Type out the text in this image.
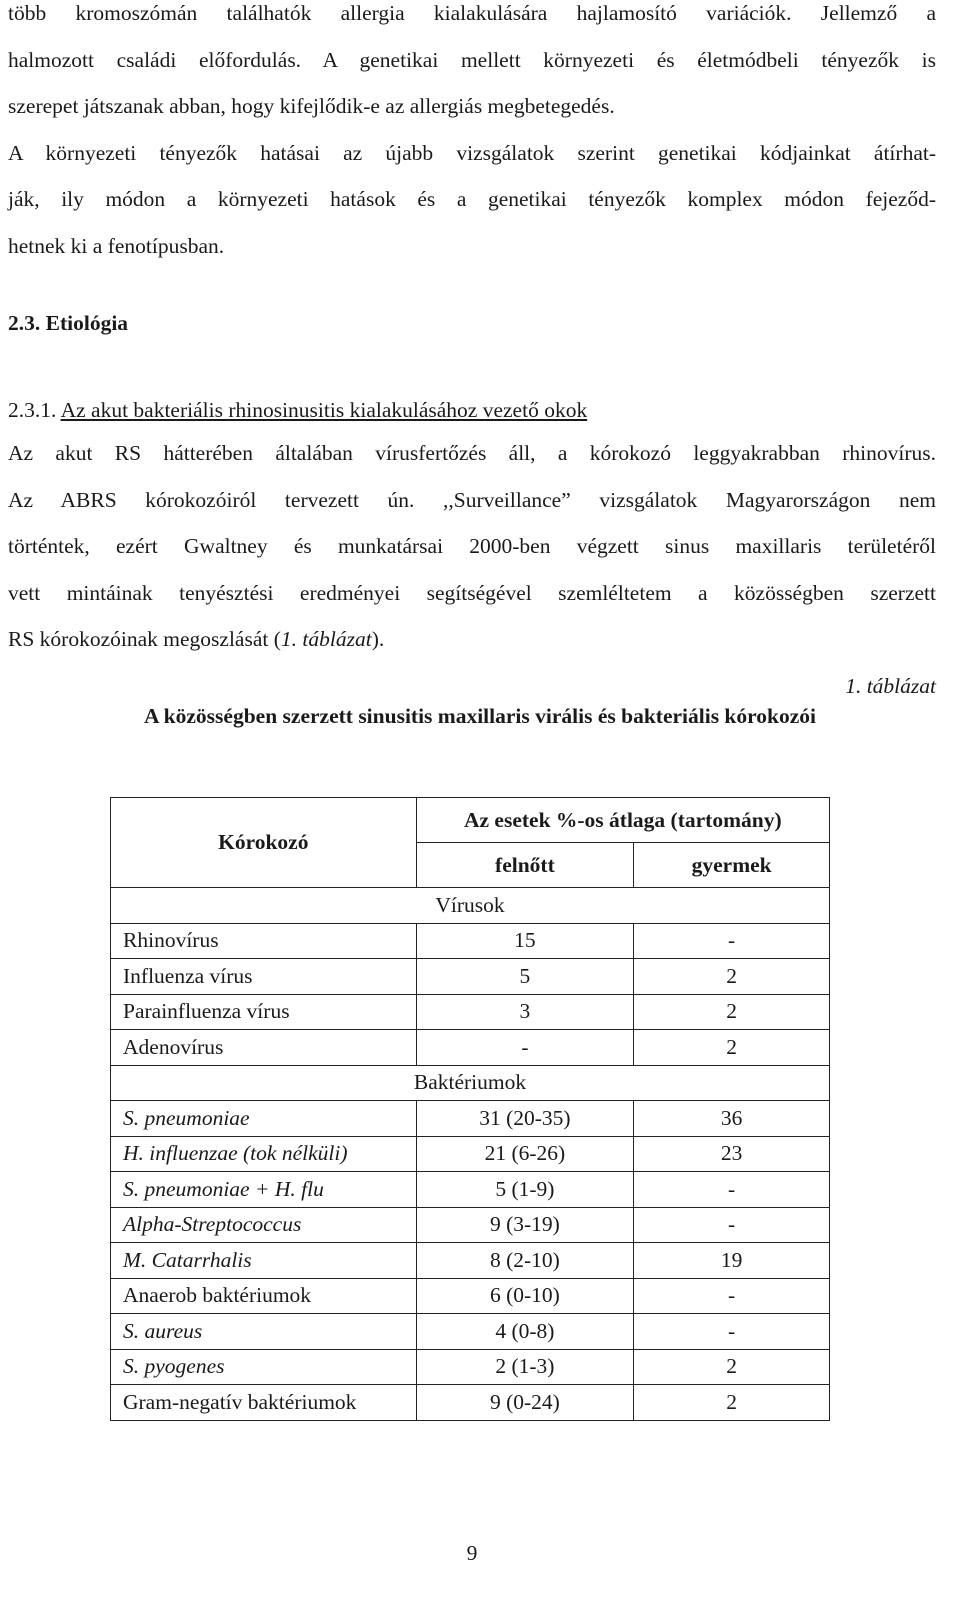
több kromoszómán találhatók allergia kialakulására hajlamosító variációk. Jellemző a
halmozott családi előfordulás. A genetikai mellett környezeti és életmódbeli tényezők is
szerepet játszanak abban, hogy kifejlődik-e az allergiás megbetegedés.
A környezeti tényezők hatásai az újabb vizsgálatok szerint genetikai kódjainkat átírhat-
ják, ily módon a környezeti hatások és a genetikai tényezők komplex módon fejeződ-
hetnek ki a fenotípusban.
2.3. Etiológia
2.3.1. Az akut bakteriális rhinosinusitis kialakulásához vezető okok
Az akut RS hátterében általában vírusfertőzés áll, a kórokozó leggyakrabban rhinovírus.
Az ABRS kórokozóiról tervezett ún. ,,Surveillance” vizsgálatok Magyarországon nem
történtek, ezért Gwaltney és munkatársai 2000-ben végzett sinus maxillaris területéről
vett mintáinak tenyésztési eredményei segítségével szemléltetem a közösségben szerzett
RS kórokozóinak megoszlását (1. táblázat).
1. táblázat
A közösségben szerzett sinusitis maxillaris virális és bakteriális kórokozói
Kórokozó	Az esetek %-os átlaga (tartomány)	
	felnőtt	gyermek
Vírusok		
Rhinovírus	15	-
Influenza vírus	5	2
Parainfluenza vírus	3	2
Adenovírus	-	2
Baktériumok		
S. pneumoniae	31 (20-35)	36
H. influenzae (tok nélküli)	21 (6-26)	23
S. pneumoniae + H. flu	5 (1-9)	-
Alpha-Streptococcus	9 (3-19)	-
M. Catarrhalis	8 (2-10)	19
Anaerob baktériumok	6 (0-10)	-
S. aureus	4 (0-8)	-
S. pyogenes	2 (1-3)	2
Gram-negatív baktériumok	9 (0-24)	2
9
